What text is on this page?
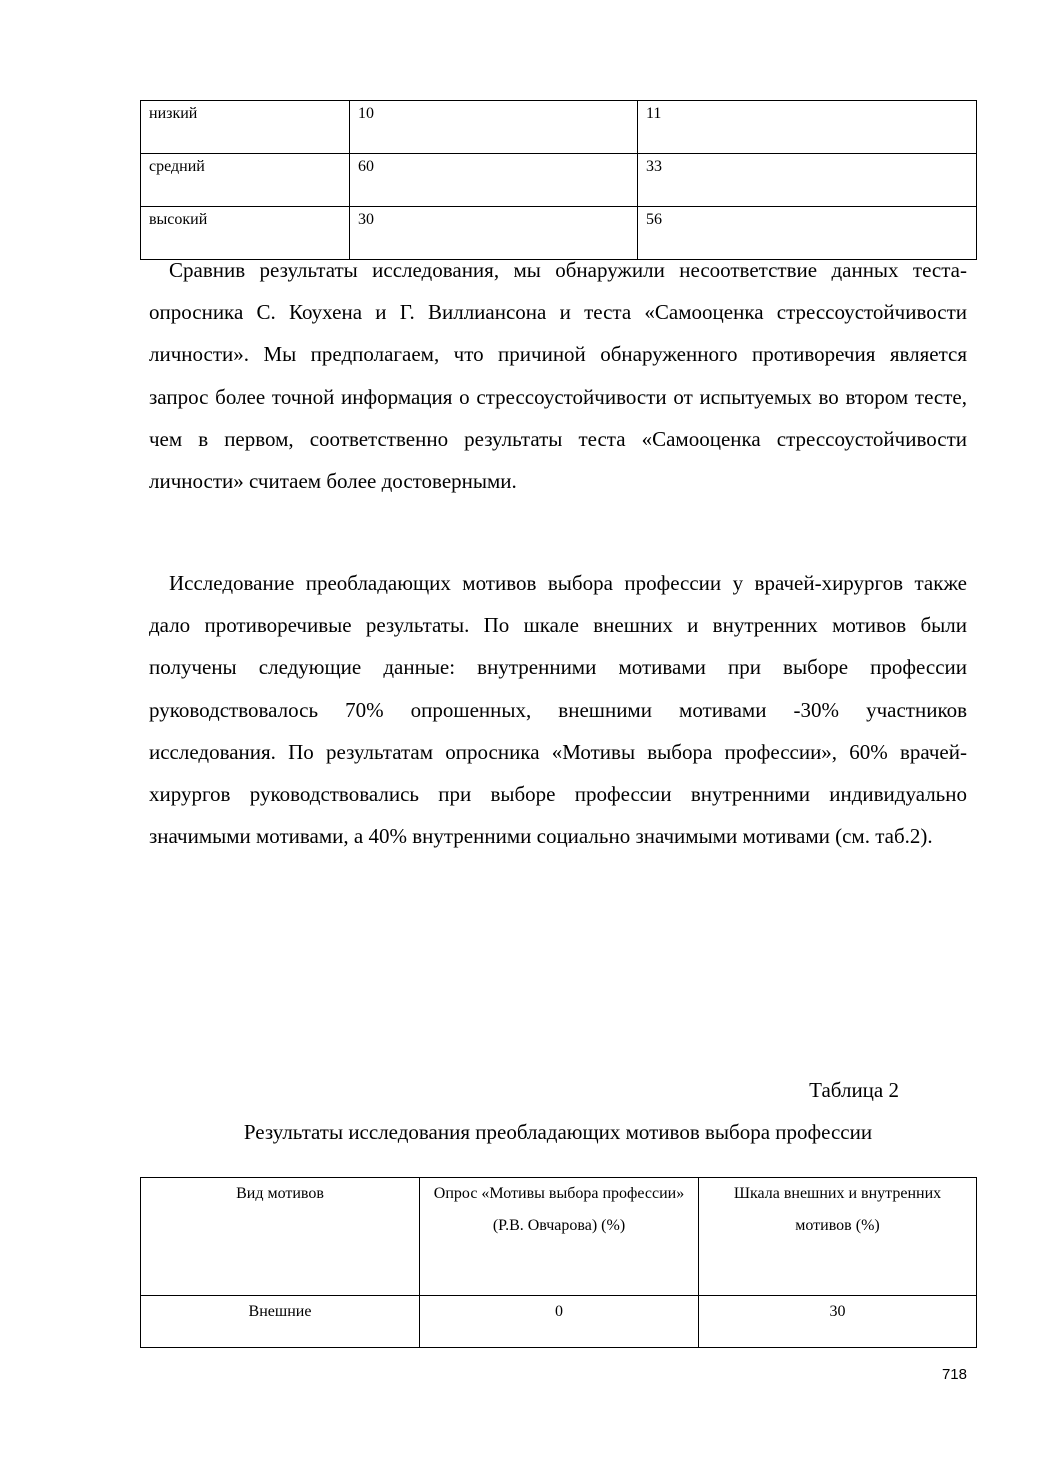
низкий	10	11
средний	60	33
высокий	30	56

Сравнив результаты исследования, мы обнаружили несоответствие данных теста-опросника С. Коухена и Г. Виллиансона и теста «Самооценка стрессоустойчивости личности». Мы предполагаем, что причиной обнаруженного противоречия является запрос более точной информация о стрессоустойчивости от испытуемых во втором тесте, чем в первом, соответственно результаты теста «Самооценка стрессоустойчивости личности» считаем более достоверными.

Исследование преобладающих мотивов выбора профессии у врачей-хирургов также дало противоречивые результаты. По шкале внешних и внутренних мотивов были получены следующие данные: внутренними мотивами при выборе профессии руководствовалось 70% опрошенных, внешними мотивами -30% участников исследования. По результатам опросника «Мотивы выбора профессии», 60% врачей-хирургов руководствовались при выборе профессии внутренними индивидуально значимыми мотивами, а 40% внутренними социально значимыми мотивами (см. таб.2).

Таблица 2
Результаты исследования преобладающих мотивов выбора профессии
Вид мотивов	Опрос «Мотивы выбора профессии» (Р.В. Овчарова) (%)	Шкала внешних и внутренних мотивов (%)
Внешние	0	30
718
